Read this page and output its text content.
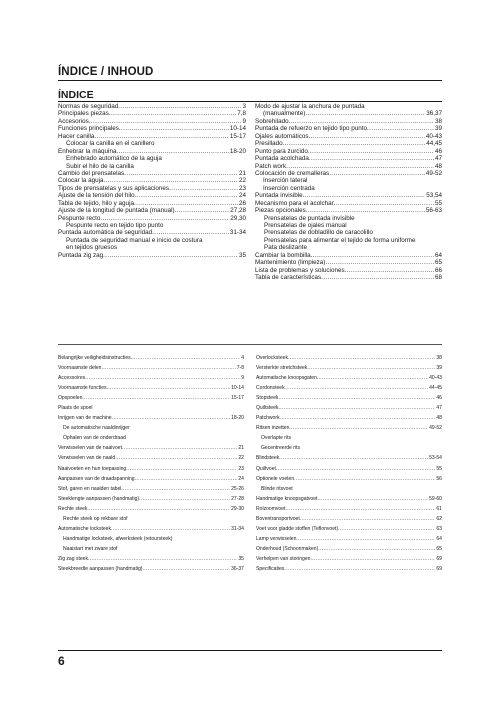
ÍNDICE / INHOUD
ÍNDICE
Normas de seguridad .....	3
Principales piezas .....	7,8
Accesorios .....	9
Funciones principales .....	10-14
Hacer canilla .....	15-17
Colocar la canilla en el canillero
Enhebrar la máquina .....	18-20
Enhebrado automático de la aguja
Subir el hilo de la canilla
Cambio del prensatelas .....	21
Colocar la aguja .....	22
Tipos de prensatelas y sus aplicaciones .....	23
Ajuste de la tensión del hilo .....	24
Tabla de tejido, hilo y aguja .....	26
Ajuste de la longitud de puntada (manual) .....	27,28
Pespunte recto .....	29,30
Pespunte recto en tejido tipo punto
Puntada automática de seguridad .....	31-34
Puntada de seguridad manual e inicio de costura
en tejidos gruesos
Puntada zig zag .....	35
Modo de ajustar la anchura de puntada
(manualmente) .....	36,37
Sobrehilado .....	38
Puntada de refuerzo en tejido tipo punto .....	39
Ojales automáticos .....	40-43
Presillado .....	44,45
Punto para zurcido .....	46
Puntada acolchada .....	47
Patch work .....	48
Colocación de cremalleras .....	49-52
Inserción lateral
Inserción centrada
Puntada invisible .....	53,54
Mecanismo para el acolchar .....	55
Piezas opcionales .....	56-63
Prensatelas de puntada invisible
Prensatelas de ojales manual
Prensatelas de dobladillo de caracolillo
Prensatelas para alimentar el tejido de forma uniforme
Pata deslizante
Cambiar la bombilla .....	64
Mantenimiento (limpieza) .....	65
Lista de problemas y soluciones .....	66
Tabla de características .....	68
Belangrijke veiligheidsinstructies .....	4
Voornaamste delen .....	7-8
Accessoires .....	9
Voornaamste functies .....	10-14
Opspoelen .....	15-17
Plaats de spoel
Inrijgen van de machine .....	18-20
De automatische naaldinrijger
Ophalen van de onderdraad
Verwisselen van de naaivoet .....	21
Verwisselen van de naald .....	22
Naaivoeten en hun toepassing .....	23
Aanpassen van de draadspanning .....	24
Stof, garen en naalden tabel .....	25-26
Steeklengte aanpassen (handmatig) .....	27-28
Rechte steek .....	29-30
Rechte steek op rekbare stof
Automatische locksteek .....	31-34
Handmatige locksteek, afwerksteek (retoursteek)
Naaistart met zware stof
Zig zag steek .....	35
Steekbreedte aanpassen (handmatig) .....	36-37
Overlocksteek .....	38
Versterkte stretchsteek .....	39
Automatische knoopsgaten .....	40-43
Cordonsteek .....	44-45
Stopsteek .....	46
Quiltsteek .....	47
Patchwork .....	48
Ritsen inzetten .....	49-52
Overlapte rits
Gecentreerde rits
Blindsteek .....	53-54
Quiltvoet .....	55
Optionele voeten .....	56
Blinde ritsvoet
Handmatige knoopsgatvoet .....	59-60
Rolzoomvoet .....	61
Boventransportvoet .....	62
Voet voor gladde stoffen (Teflonvoet) .....	63
Lamp verwisselen .....	64
Onderhoud (Schoonmaken) .....	65
Verhelpen van storingen .....	69
Specificaties .....	69
6
